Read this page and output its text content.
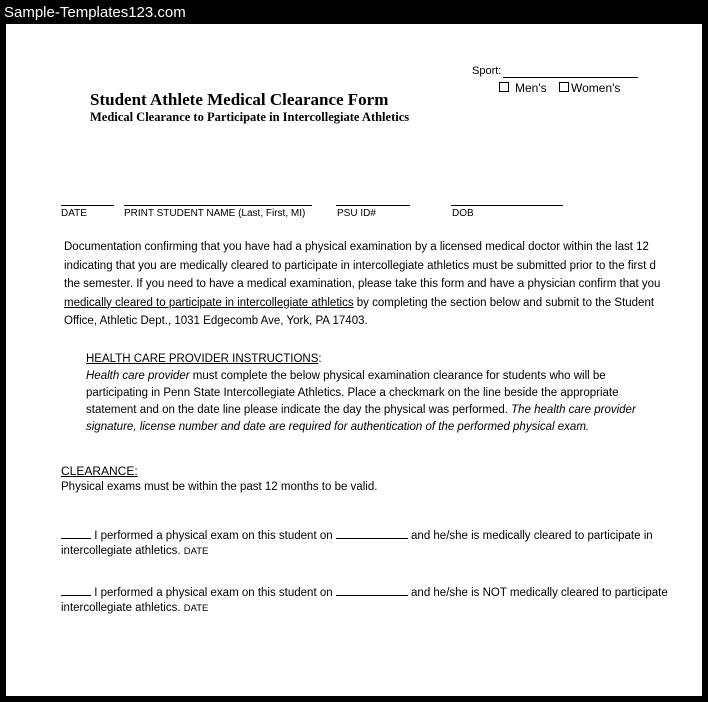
Sample-Templates123.com
Sport:
Men's Women's
Student Athlete Medical Clearance Form
Medical Clearance to Participate in Intercollegiate Athletics
DATE	PRINT STUDENT NAME (Last, First, MI)	PSU ID#	DOB
Documentation confirming that you have had a physical examination by a licensed medical doctor within the last 12
indicating that you are medically cleared to participate in intercollegiate athletics must be submitted prior to the first d
the semester. If you need to have a medical examination, please take this form and have a physician confirm that you
medically cleared to participate in intercollegiate athletics by completing the section below and submit to the Student
Office, Athletic Dept., 1031 Edgecomb Ave, York, PA 17403.
HEALTH CARE PROVIDER INSTRUCTIONS:
Health care provider must complete the below physical examination clearance for students who will be
participating in Penn State Intercollegiate Athletics. Place a checkmark on the line beside the appropriate
statement and on the date line please indicate the day the physical was performed. The health care provider
signature, license number and date are required for authentication of the performed physical exam.
CLEARANCE:
Physical exams must be within the past 12 months to be valid.
I performed a physical exam on this student on	and he/she is medically cleared to participate in
intercollegiate athletics. DATE
I performed a physical exam on this student on	and he/she is NOT medically cleared to participate
intercollegiate athletics. DATE
